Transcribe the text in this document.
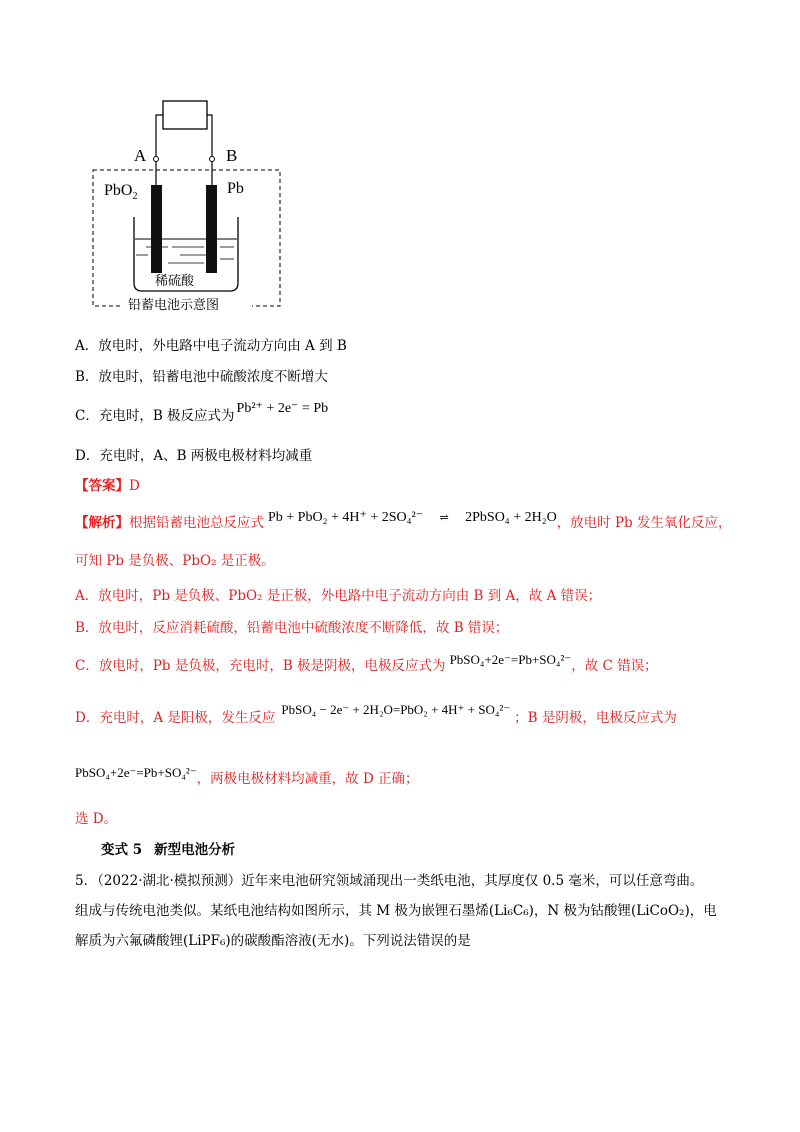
A	B
PbO$_2$	Pb
稀硫酸
铅蓄电池示意图
A．放电时，外电路中电子流动方向由 A 到 B
B．放电时，铅蓄电池中硫酸浓度不断增大
C．充电时，B 极反应式为 Pb²⁺ + 2e⁻ = Pb
D．充电时，A、B 两极电极材料均减重
【答案】D
【解析】根据铅蓄电池总反应式 Pb + PbO₂ + 4H⁺ + 2SO₄²⁻ ⇌ 2PbSO₄ + 2H₂O，放电时 Pb 发生氧化反应，
可知 Pb 是负极、PbO₂ 是正极。
A．放电时，Pb 是负极、PbO₂ 是正极，外电路中电子流动方向由 B 到 A，故 A 错误；
B．放电时，反应消耗硫酸，铅蓄电池中硫酸浓度不断降低，故 B 错误；
C．放电时，Pb 是负极，充电时，B 极是阴极，电极反应式为 PbSO₄+2e⁻=Pb+SO₄²⁻，故 C 错误；
D．充电时，A 是阳极，发生反应PbSO₄ − 2e⁻ + 2H₂O=PbO₂ + 4H⁺ + SO₄²⁻；B 是阴极，电极反应式为
PbSO₄+2e⁻=Pb+SO₄²⁻，两极电极材料均减重，故 D 正确；
选 D。
变式 5 新型电池分析
5．（2022·湖北·模拟预测）近年来电池研究领域涌现出一类纸电池，其厚度仅 0.5 毫米，可以任意弯曲。
组成与传统电池类似。某纸电池结构如图所示，其 M 极为嵌锂石墨烯(Li₆C₆)，N 极为钴酸锂(LiCoO₂)，电
解质为六氟磷酸锂(LiPF₆)的碳酸酯溶液(无水)。下列说法错误的是
